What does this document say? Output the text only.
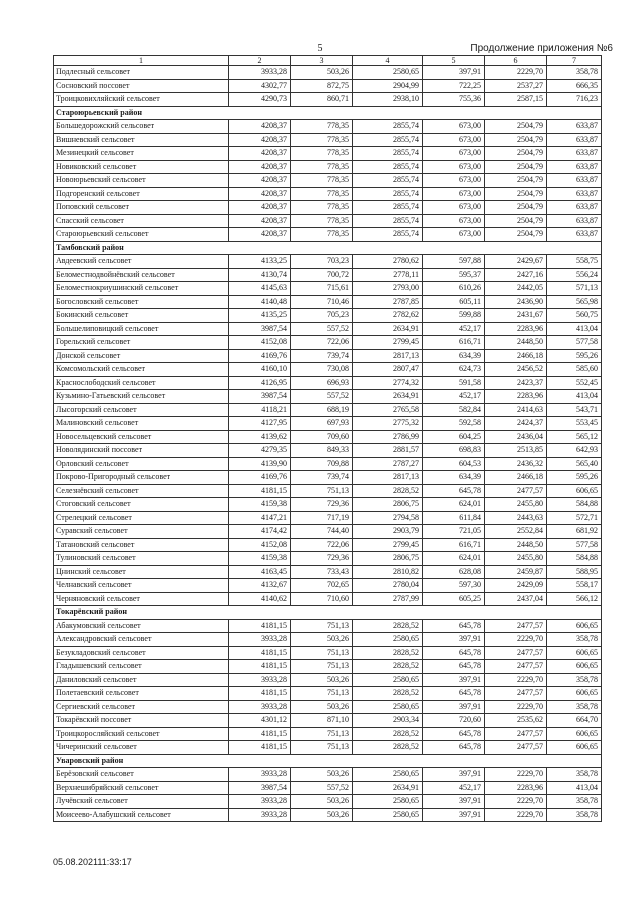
5	Продолжение приложения №6
1	2	3	4	5	6	7
Подлесный сельсовет	3933,28	503,26	2580,65	397,91	2229,70	358,78
Сосновский поссовет	4302,77	872,75	2904,99	722,25	2537,27	666,35
Троицковихляйский сельсовет	4290,73	860,71	2938,10	755,36	2587,15	716,23
Староюрьевский район						
Большедорожский сельсовет	4208,37	778,35	2855,74	673,00	2504,79	633,87
Вишневский сельсовет	4208,37	778,35	2855,74	673,00	2504,79	633,87
Мезинецкий сельсовет	4208,37	778,35	2855,74	673,00	2504,79	633,87
Новиковский сельсовет	4208,37	778,35	2855,74	673,00	2504,79	633,87
Новоюрьевский сельсовет	4208,37	778,35	2855,74	673,00	2504,79	633,87
Подгоренский сельсовет	4208,37	778,35	2855,74	673,00	2504,79	633,87
Поповский сельсовет	4208,37	778,35	2855,74	673,00	2504,79	633,87
Спасский сельсовет	4208,37	778,35	2855,74	673,00	2504,79	633,87
Староюрьевский сельсовет	4208,37	778,35	2855,74	673,00	2504,79	633,87
Тамбовский район						
Авдеевский сельсовет	4133,25	703,23	2780,62	597,88	2429,67	558,75
Беломестнодвойнёвский сельсовет	4130,74	700,72	2778,11	595,37	2427,16	556,24
Беломестнокриушинский сельсовет	4145,63	715,61	2793,00	610,26	2442,05	571,13
Богословский сельсовет	4140,48	710,46	2787,85	605,11	2436,90	565,98
Бокинский сельсовет	4135,25	705,23	2782,62	599,88	2431,67	560,75
Большелиповицкий сельсовет	3987,54	557,52	2634,91	452,17	2283,96	413,04
Горельский сельсовет	4152,08	722,06	2799,45	616,71	2448,50	577,58
Донской сельсовет	4169,76	739,74	2817,13	634,39	2466,18	595,26
Комсомольский сельсовет	4160,10	730,08	2807,47	624,73	2456,52	585,60
Краснослободский сельсовет	4126,95	696,93	2774,32	591,58	2423,37	552,45
Кузьмино-Гатьевский сельсовет	3987,54	557,52	2634,91	452,17	2283,96	413,04
Лысогорский сельсовет	4118,21	688,19	2765,58	582,84	2414,63	543,71
Малиновский сельсовет	4127,95	697,93	2775,32	592,58	2424,37	553,45
Новосельцевский сельсовет	4139,62	709,60	2786,99	604,25	2436,04	565,12
Новолядинский поссовет	4279,35	849,33	2881,57	698,83	2513,85	642,93
Орловский сельсовет	4139,90	709,88	2787,27	604,53	2436,32	565,40
Покрово-Пригородный сельсовет	4169,76	739,74	2817,13	634,39	2466,18	595,26
Селезнёвский сельсовет	4181,15	751,13	2828,52	645,78	2477,57	606,65
Стоговский сельсовет	4159,38	729,36	2806,75	624,01	2455,80	584,88
Стрелецкий сельсовет	4147,21	717,19	2794,58	611,84	2443,63	572,71
Суравский сельсовет	4174,42	744,40	2903,79	721,05	2552,84	681,92
Татановский сельсовет	4152,08	722,06	2799,45	616,71	2448,50	577,58
Тулиновский сельсовет	4159,38	729,36	2806,75	624,01	2455,80	584,88
Цнинский сельсовет	4163,45	733,43	2810,82	628,08	2459,87	588,95
Челнавский сельсовет	4132,67	702,65	2780,04	597,30	2429,09	558,17
Черняновский сельсовет	4140,62	710,60	2787,99	605,25	2437,04	566,12
Токарёвский район						
Абакумовский сельсовет	4181,15	751,13	2828,52	645,78	2477,57	606,65
Александровский сельсовет	3933,28	503,26	2580,65	397,91	2229,70	358,78
Безукладовский сельсовет	4181,15	751,13	2828,52	645,78	2477,57	606,65
Гладышевский сельсовет	4181,15	751,13	2828,52	645,78	2477,57	606,65
Даниловский сельсовет	3933,28	503,26	2580,65	397,91	2229,70	358,78
Полетаевский сельсовет	4181,15	751,13	2828,52	645,78	2477,57	606,65
Сергиевский сельсовет	3933,28	503,26	2580,65	397,91	2229,70	358,78
Токарёвский поссовет	4301,12	871,10	2903,34	720,60	2535,62	664,70
Троицкоросляйский сельсовет	4181,15	751,13	2828,52	645,78	2477,57	606,65
Чичеринский сельсовет	4181,15	751,13	2828,52	645,78	2477,57	606,65
Уваровский район						
Берёзовский сельсовет	3933,28	503,26	2580,65	397,91	2229,70	358,78
Верхнешибряйский сельсовет	3987,54	557,52	2634,91	452,17	2283,96	413,04
Лучёвский сельсовет	3933,28	503,26	2580,65	397,91	2229,70	358,78
Моисеево-Алабушский сельсовет	3933,28	503,26	2580,65	397,91	2229,70	358,78
05.08.202111:33:17
